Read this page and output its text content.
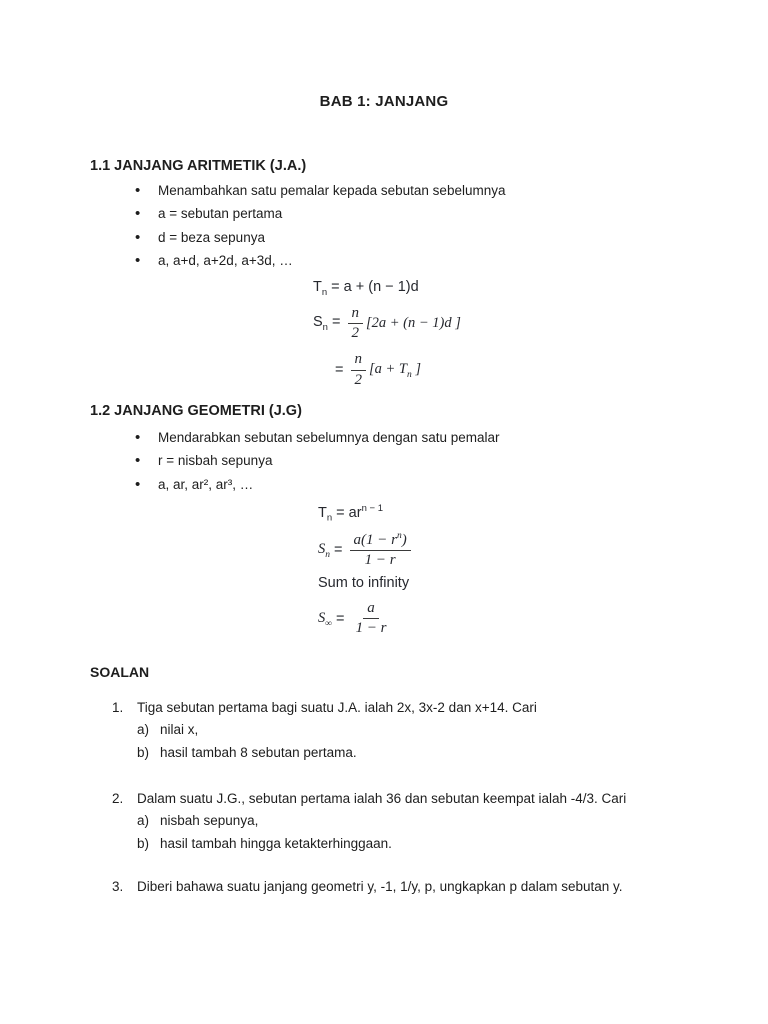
BAB 1: JANJANG
1.1 JANJANG ARITMETIK (J.A.)
• Menambahkan satu pemalar kepada sebutan sebelumnya
• a = sebutan pertama
• d = beza sepunya
• a, a+d, a+2d, a+3d, …
$T_n = a + (n - 1)d$
$S_n = \frac{n}{2} [2a + (n - 1)d$ ]
= $\frac{n}{2} [a + T_n$ ]
1.2 JANJANG GEOMETRI (J.G)
• Mendarabkan sebutan sebelumnya dengan satu pemalar
• r = nisbah sepunya
• a, ar, ar², ar³, …
$T_n = ar^{n - 1}$
$S_n = \frac{a(1 - r^n)}{1 - r}$
Sum to infinity
$S_\infty = \frac{a}{1 - r}$
SOALAN
1.	Tiga sebutan pertama bagi suatu J.A. ialah 2x, 3x-2 dan x+14. Cari
a) nilai x,
b) hasil tambah 8 sebutan pertama.
2.	Dalam suatu J.G., sebutan pertama ialah 36 dan sebutan keempat ialah -4/3. Cari
a) nisbah sepunya,
b) hasil tambah hingga ketakterhinggaan.
3.	Diberi bahawa suatu janjang geometri y, -1, 1/y, p, ungkapkan p dalam sebutan y.
